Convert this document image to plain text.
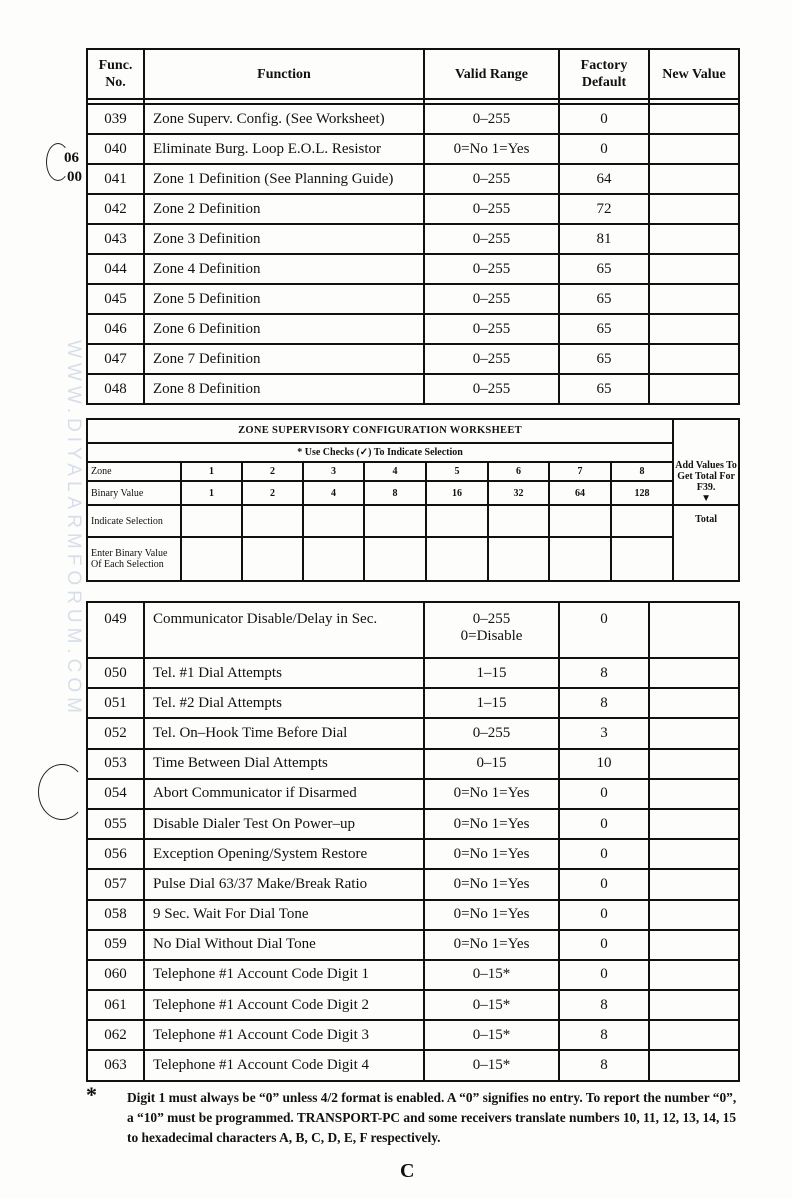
WWW.DIYALARMFORUM.COM
06
00
Func. No.	Function	Valid Range	Factory Default	New Value

039	Zone Superv. Config. (See Worksheet)	0–255	0	
040	Eliminate Burg. Loop E.O.L. Resistor	0=No 1=Yes	0	
041	Zone 1 Definition (See Planning Guide)	0–255	64	
042	Zone 2 Definition	0–255	72	
043	Zone 3 Definition	0–255	81	
044	Zone 4 Definition	0–255	65	
045	Zone 5 Definition	0–255	65	
046	Zone 6 Definition	0–255	65	
047	Zone 7 Definition	0–255	65	
048	Zone 8 Definition	0–255	65	
ZONE SUPERVISORY CONFIGURATION WORKSHEET									Add Values To Get Total For F39.
▼
* Use Checks (✓) To Indicate Selection									
Zone	1	2	3	4	5	6	7	8	
Binary Value	1	2	4	8	16	32	64	128	
Indicate Selection									Total
Enter Binary Value Of Each Selection									
049	Communicator Disable/Delay in Sec.	0–255
0=Disable	0	
050	Tel. #1 Dial Attempts	1–15	8	
051	Tel. #2 Dial Attempts	1–15	8	
052	Tel. On–Hook Time Before Dial	0–255	3	
053	Time Between Dial Attempts	0–15	10	
054	Abort Communicator if Disarmed	0=No 1=Yes	0	
055	Disable Dialer Test On Power–up	0=No 1=Yes	0	
056	Exception Opening/System Restore	0=No 1=Yes	0	
057	Pulse Dial 63/37 Make/Break Ratio	0=No 1=Yes	0	
058	9 Sec. Wait For Dial Tone	0=No 1=Yes	0	
059	No Dial Without Dial Tone	0=No 1=Yes	0	
060	Telephone #1 Account Code Digit 1	0–15*	0	
061	Telephone #1 Account Code Digit 2	0–15*	8	
062	Telephone #1 Account Code Digit 3	0–15*	8	
063	Telephone #1 Account Code Digit 4	0–15*	8	
* Digit 1 must always be “0” unless 4/2 format is enabled. A “0” signifies no entry. To report the number “0”, a “10” must be programmed. TRANSPORT-PC and some receivers translate numbers 10, 11, 12, 13, 14, 15 to hexadecimal characters A, B, C, D, E, F respectively.
C
